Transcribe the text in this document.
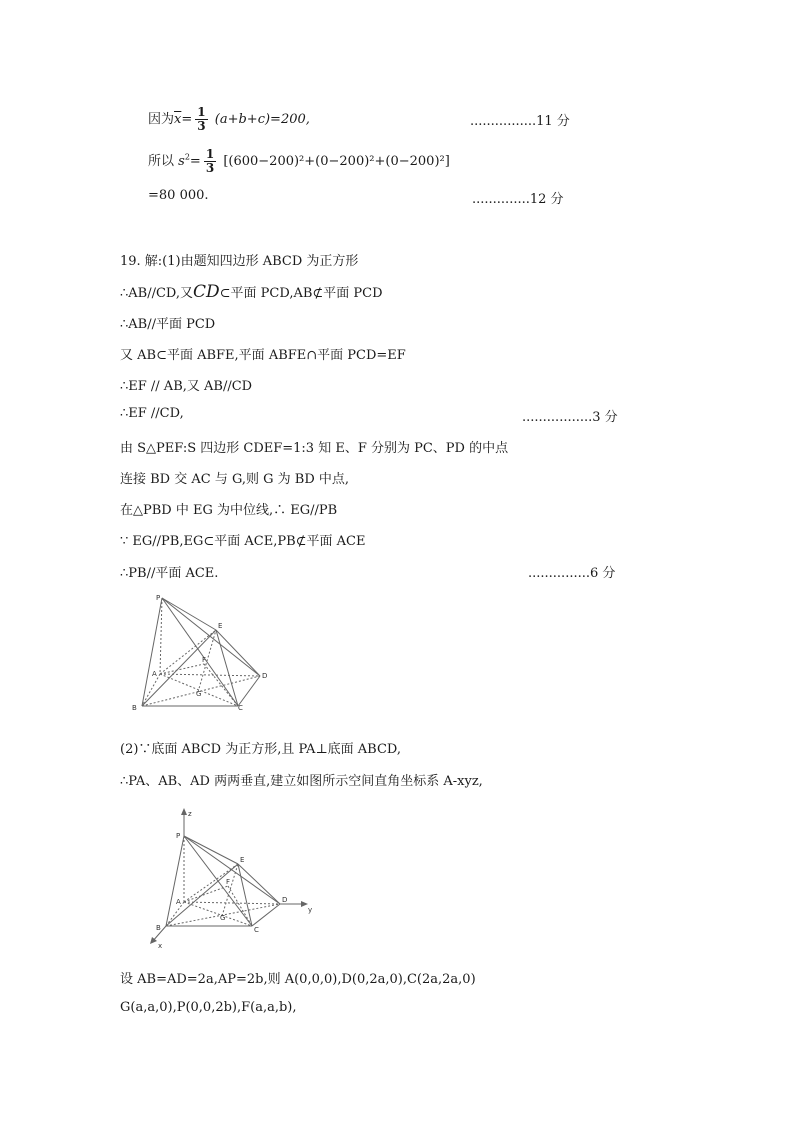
因为$\overline{x}= \frac{1}{3} (a+b+c)=200$,	................11 分
所以 $s^2= \frac{1}{3} [(600-200)^2+(0-200)^2+(0-200)^2]$
=80 000.	..............12 分
19. 解:(1)由题知四边形 ABCD 为正方形
∴AB//CD,又CD⊂平面 PCD,AB⊄平面 PCD
∴AB//平面 PCD
又 AB⊂平面 ABFE,平面 ABFE∩平面 PCD=EF
∴EF // AB,又 AB//CD
∴EF //CD,	.................3 分
由 S△PEF:S 四边形 CDEF=1:3 知 E、F 分别为 PC、PD 的中点
连接 BD 交 AC 与 G,则 G 为 BD 中点,
在△PBD 中 EG 为中位线,∴ EG//PB
∵ EG//PB,EG⊂平面 ACE,PB⊄平面 ACE
∴PB//平面 ACE.	...............6 分
P
E
F
A	D
G
B	C
(2)∵底面 ABCD 为正方形,且 PA⊥底面 ABCD,
∴PA、AB、AD 两两垂直,建立如图所示空间直角坐标系 A-xyz,
z
P
E
F
A	D
y
G
B	C
x
设 AB=AD=2a,AP=2b,则 A(0,0,0),D(0,2a,0),C(2a,2a,0)
G(a,a,0),P(0,0,2b),F(a,a,b),
